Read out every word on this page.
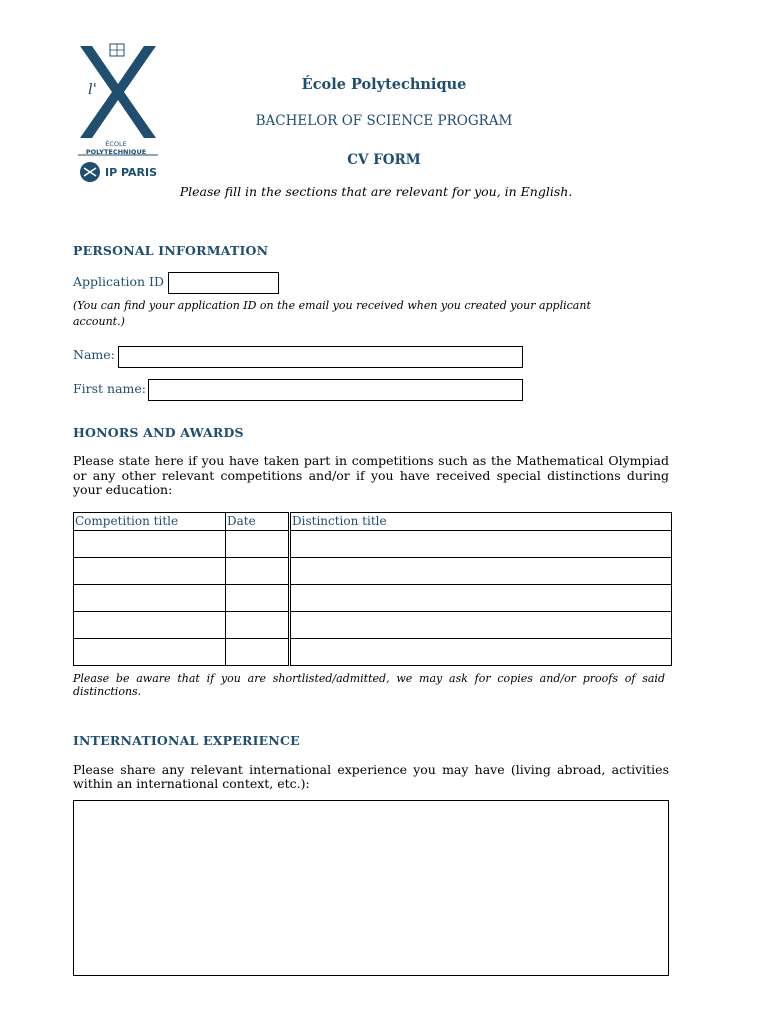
l'
ÉCOLE
POLYTECHNIQUE
IP PARIS
École Polytechnique
BACHELOR OF SCIENCE PROGRAM
CV FORM
Please fill in the sections that are relevant for you, in English.
PERSONAL INFORMATION
Application ID
(You can find your application ID on the email you received when you created your applicant
account.)
Name:
First name:
HONORS AND AWARDS
Please state here if you have taken part in competitions such as the Mathematical Olympiad or any other relevant competitions and/or if you have received special distinctions during your education:
Competition title	Date	Distinction title

Please be aware that if you are shortlisted/admitted, we may ask for copies and/or proofs of said distinctions.
INTERNATIONAL EXPERIENCE
Please share any relevant international experience you may have (living abroad, activities within an international context, etc.):
